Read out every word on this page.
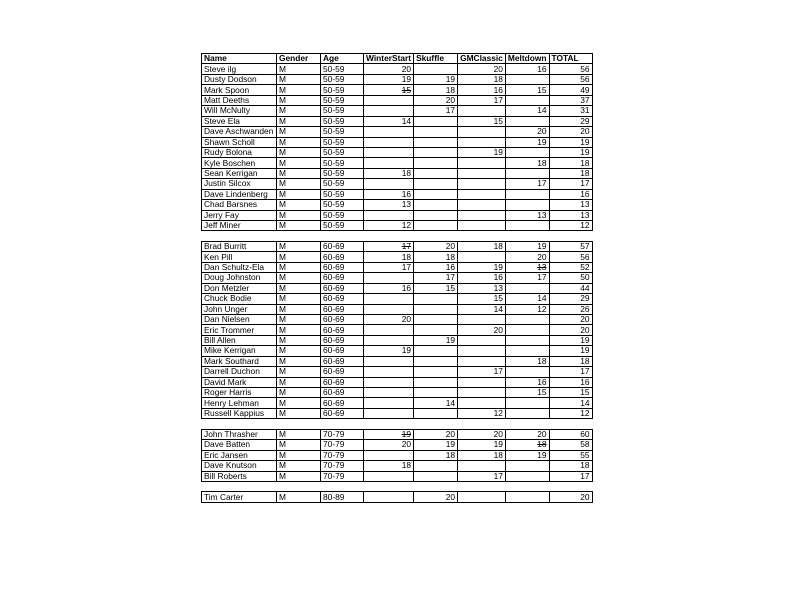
Name	Gender	Age	WinterStart	Skuffle	GMClassic	Meltdown	TOTAL
Steve ilg	M	50-59	20		20	16	56
Dusty Dodson	M	50-59	19	19	18		56
Mark Spoon	M	50-59	15	18	16	15	49
Matt Deeths	M	50-59		20	17		37
Will McNulty	M	50-59		17		14	31
Steve Ela	M	50-59	14		15		29
Dave Aschwanden	M	50-59				20	20
Shawn Scholl	M	50-59				19	19
Rudy Bolona	M	50-59			19		19
Kyle Boschen	M	50-59				18	18
Sean Kerrigan	M	50-59	18				18
Justin Silcox	M	50-59				17	17
Dave Lindenberg	M	50-59	16				16
Chad Barsnes	M	50-59	13				13
Jerry Fay	M	50-59				13	13
Jeff Miner	M	50-59	12				12

Brad Burritt	M	60-69	17	20	18	19	57
Ken Pill	M	60-69	18	18		20	56
Dan Schultz-Ela	M	60-69	17	16	19	13	52
Doug Johnston	M	60-69		17	16	17	50
Don Metzler	M	60-69	16	15	13		44
Chuck Bodie	M	60-69			15	14	29
John Unger	M	60-69			14	12	26
Dan Nielsen	M	60-69	20				20
Eric Trommer	M	60-69			20		20
Bill Allen	M	60-69		19			19
Mike Kerrigan	M	60-69	19				19
Mark Southard	M	60-69				18	18
Darrell Duchon	M	60-69			17		17
David Mark	M	60-69				16	16
Roger Harris	M	60-69				15	15
Henry Lehman	M	60-69		14			14
Russell Kappius	M	60-69			12		12

John Thrasher	M	70-79	19	20	20	20	60
Dave Batten	M	70-79	20	19	19	18	58
Eric Jansen	M	70-79		18	18	19	55
Dave Knutson	M	70-79	18				18
Bill Roberts	M	70-79			17		17

Tim Carter	M	80-89		20			20
